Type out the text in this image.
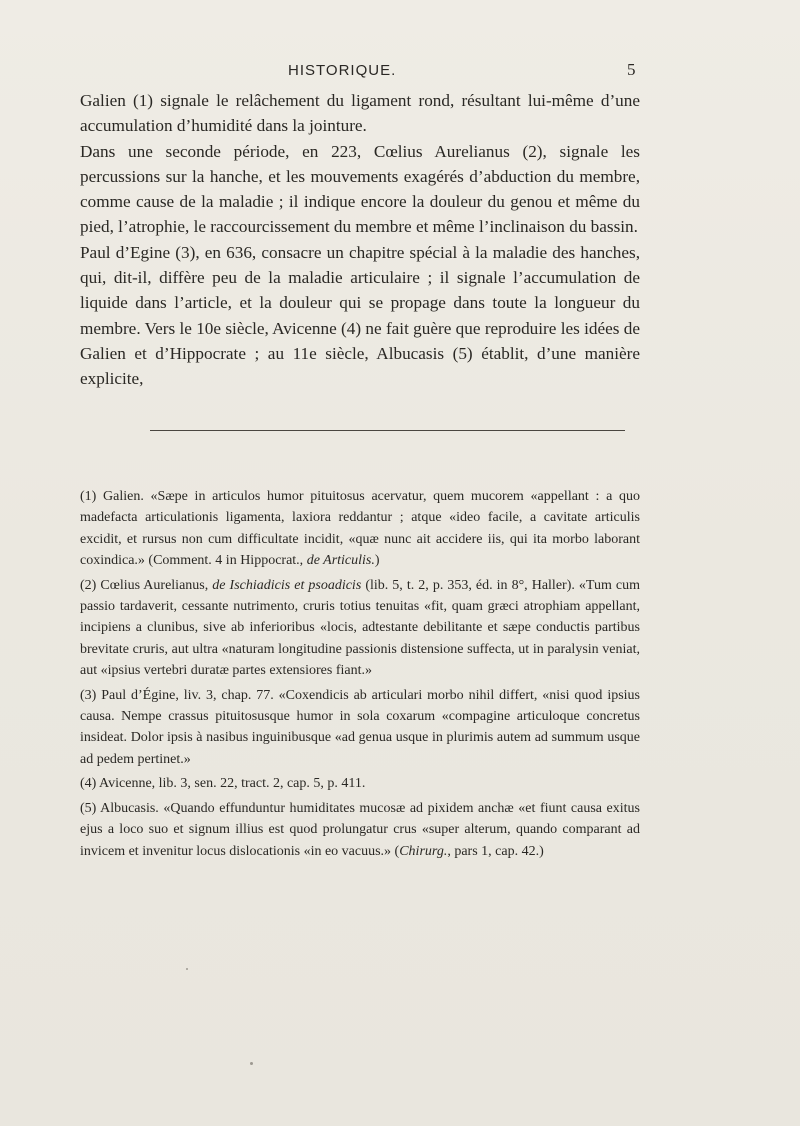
HISTORIQUE.	5

Galien (1) signale le relâchement du ligament rond, résultant lui-même d’une accumulation d’humidité dans la jointure.

Dans une seconde période, en 223, Cœlius Aurelianus (2), signale les percussions sur la hanche, et les mouvements exagérés d’abduction du membre, comme cause de la maladie ; il indique encore la douleur du genou et même du pied, l’atrophie, le raccourcissement du membre et même l’inclinaison du bassin.

Paul d’Egine (3), en 636, consacre un chapitre spécial à la maladie des hanches, qui, dit-il, diffère peu de la maladie articulaire ; il signale l’accumulation de liquide dans l’article, et la douleur qui se propage dans toute la longueur du membre. Vers le 10e siècle, Avicenne (4) ne fait guère que reproduire les idées de Galien et d’Hippocrate ; au 11e siècle, Albucasis (5) établit, d’une manière explicite,

(1) Galien. «Sæpe in articulos humor pituitosus acervatur, quem mucorem «appellant : a quo madefacta articulationis ligamenta, laxiora reddantur ; atque «ideo facile, a cavitate articulis excidit, et rursus non cum difficultate incidit, «quæ nunc ait accidere iis, qui ita morbo laborant coxindica.» (Comment. 4 in Hippocrat., de Articulis.)

(2) Cœlius Aurelianus, de Ischiadicis et psoadicis (lib. 5, t. 2, p. 353, éd. in 8°, Haller). «Tum cum passio tardaverit, cessante nutrimento, cruris totius tenuitas «fit, quam græci atrophiam appellant, incipiens a clunibus, sive ab inferioribus «locis, adtestante debilitante et sæpe conductis partibus brevitate cruris, aut ultra «naturam longitudine passionis distensione suffecta, ut in paralysin veniat, aut «ipsius vertebri duratæ partes extensiores fiant.»

(3) Paul d’Égine, liv. 3, chap. 77. «Coxendicis ab articulari morbo nihil differt, «nisi quod ipsius causa. Nempe crassus pituitosusque humor in sola coxarum «compagine articuloque concretus insideat. Dolor ipsis à nasibus inguinibusque «ad genua usque in plurimis autem ad summum usque ad pedem pertinet.»

(4) Avicenne, lib. 3, sen. 22, tract. 2, cap. 5, p. 411.

(5) Albucasis. «Quando effunduntur humiditates mucosæ ad pixidem anchæ «et fiunt causa exitus ejus a loco suo et signum illius est quod prolungatur crus «super alterum, quando comparant ad invicem et invenitur locus dislocationis «in eo vacuus.» (Chirurg., pars 1, cap. 42.)
